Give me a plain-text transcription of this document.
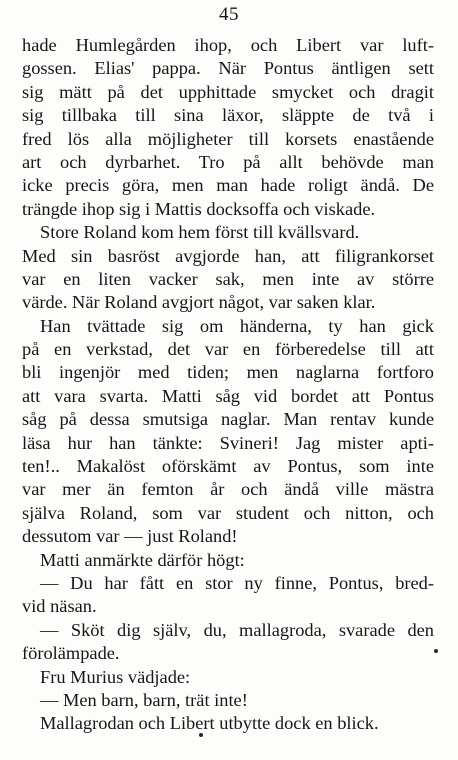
45
hade Humlegården ihop, och Libert var luft-
gossen. Elias' pappa. När Pontus äntligen sett
sig mätt på det upphittade smycket och dragit
sig tillbaka till sina läxor, släppte de två i
fred lös alla möjligheter till korsets enastående
art och dyrbarhet. Tro på allt behövde man
icke precis göra, men man hade roligt ändå. De
trängde ihop sig i Mattis docksoffa och viskade.
Store Roland kom hem först till kvällsvard.
Med sin basröst avgjorde han, att filigrankorset
var en liten vacker sak, men inte av större
värde. När Roland avgjort något, var saken klar.
Han tvättade sig om händerna, ty han gick
på en verkstad, det var en förberedelse till att
bli ingenjör med tiden; men naglarna fortforo
att vara svarta. Matti såg vid bordet att Pontus
såg på dessa smutsiga naglar. Man rentav kunde
läsa hur han tänkte: Svineri! Jag mister apti-
ten!.. Makalöst oförskämt av Pontus, som inte
var mer än femton år och ändå ville mästra
själva Roland, som var student och nitton, och
dessutom var — just Roland!
Matti anmärkte därför högt:
— Du har fått en stor ny finne, Pontus, bred-
vid näsan.
— Sköt dig själv, du, mallagroda, svarade den
förolämpade.
Fru Murius vädjade:
— Men barn, barn, trät inte!
Mallagrodan och Libert utbytte dock en blick.
